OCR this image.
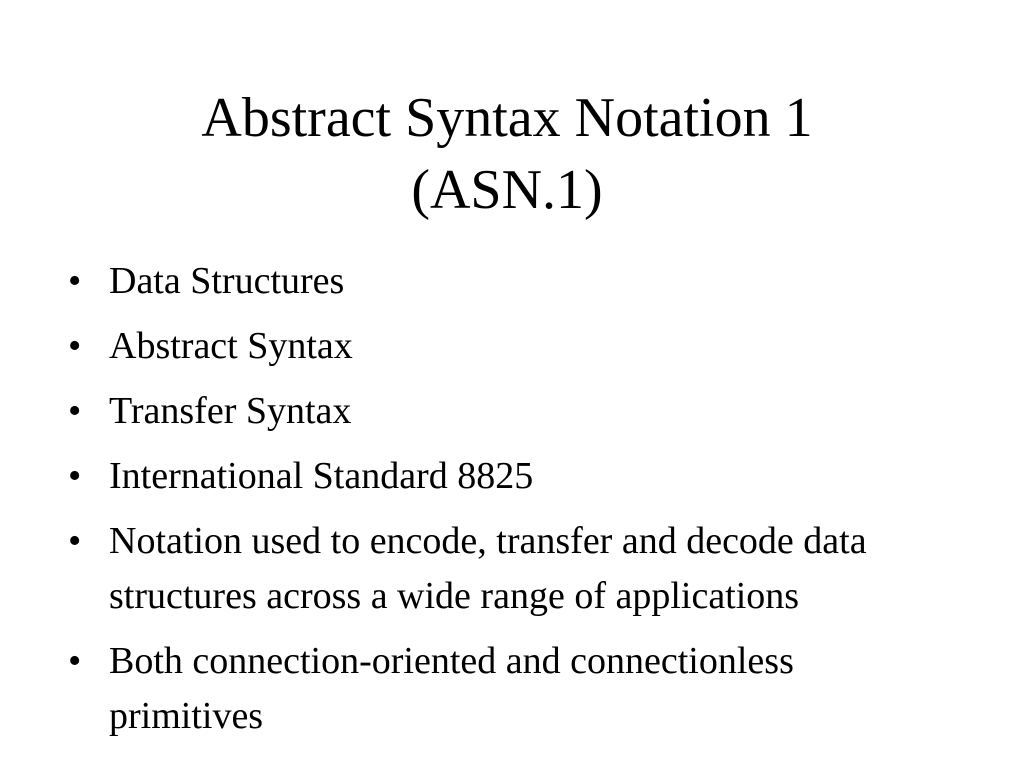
Abstract Syntax Notation 1
(ASN.1)
• Data Structures
• Abstract Syntax
• Transfer Syntax
• International Standard 8825
• Notation used to encode, transfer and decode data structures across a wide range of applications
• Both connection-oriented and connectionless primitives
